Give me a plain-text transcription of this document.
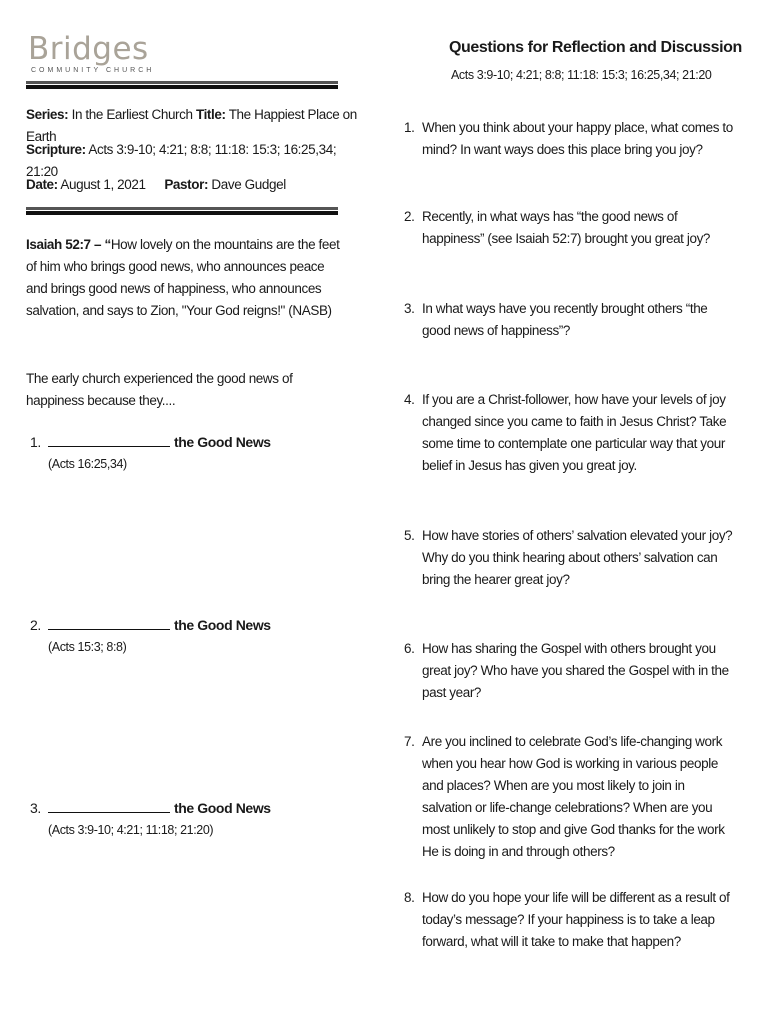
Bridges
COMMUNITY CHURCH
Series: In the Earliest Church Title: The Happiest Place on Earth
Scripture: Acts 3:9-10; 4:21; 8:8; 11:18: 15:3; 16:25,34; 21:20
Date: August 1, 2021 Pastor: Dave Gudgel
Isaiah 52:7 – “How lovely on the mountains are the feet of him who brings good news, who announces peace and brings good news of happiness, who announces salvation, and says to Zion, "Your God reigns!" (NASB)
The early church experienced the good news of happiness because they....
1.	the Good News
(Acts 16:25,34)
2.	the Good News
(Acts 15:3; 8:8)
3.	the Good News
(Acts 3:9-10; 4:21; 11:18; 21:20)
Questions for Reflection and Discussion
Acts 3:9-10; 4:21; 8:8; 11:18: 15:3; 16:25,34; 21:20
1. When you think about your happy place, what comes to mind? In want ways does this place bring you joy?
2. Recently, in what ways has “the good news of happiness” (see Isaiah 52:7) brought you great joy?
3. In what ways have you recently brought others “the good news of happiness”?
4. If you are a Christ-follower, how have your levels of joy changed since you came to faith in Jesus Christ? Take some time to contemplate one particular way that your belief in Jesus has given you great joy.
5. How have stories of others’ salvation elevated your joy? Why do you think hearing about others’ salvation can bring the hearer great joy?
6. How has sharing the Gospel with others brought you great joy? Who have you shared the Gospel with in the past year?
7. Are you inclined to celebrate God’s life-changing work when you hear how God is working in various people and places? When are you most likely to join in salvation or life-change celebrations? When are you most unlikely to stop and give God thanks for the work He is doing in and through others?
8. How do you hope your life will be different as a result of today’s message? If your happiness is to take a leap forward, what will it take to make that happen?
